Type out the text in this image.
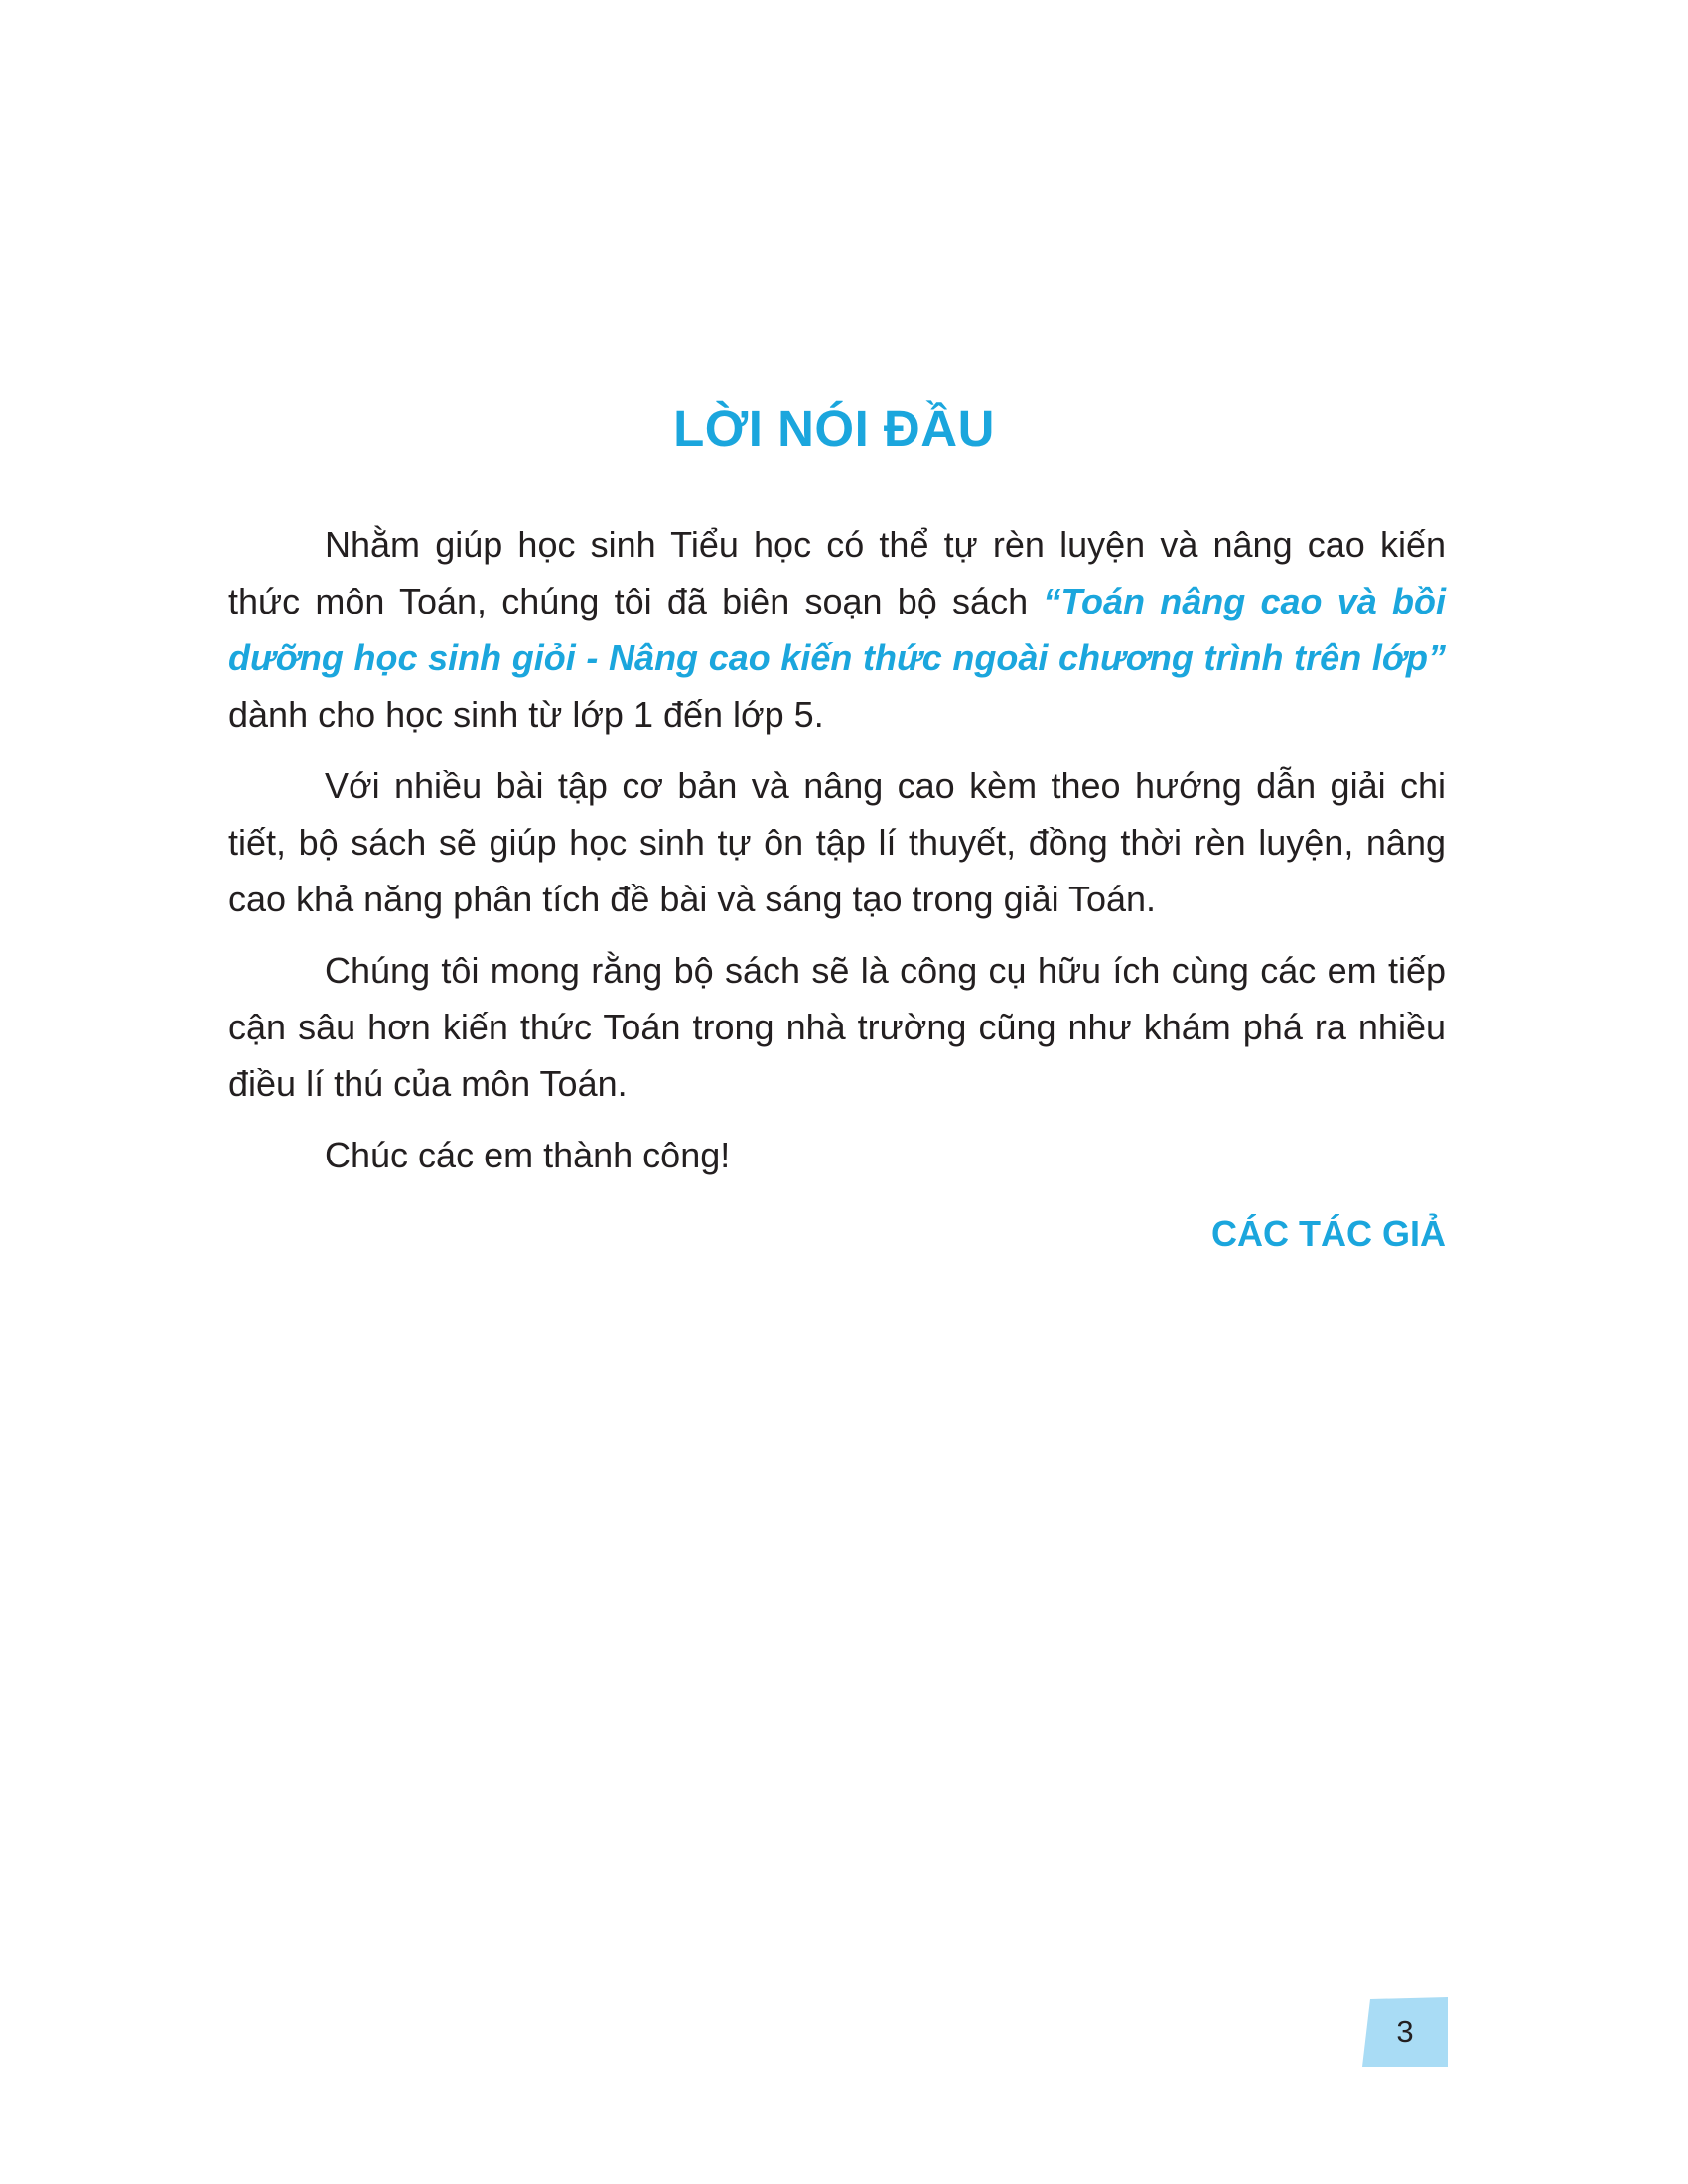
LỜI NÓI ĐẦU

Nhằm giúp học sinh Tiểu học có thể tự rèn luyện và nâng cao kiến thức môn Toán, chúng tôi đã biên soạn bộ sách “Toán nâng cao và bồi dưỡng học sinh giỏi - Nâng cao kiến thức ngoài chương trình trên lớp” dành cho học sinh từ lớp 1 đến lớp 5.

Với nhiều bài tập cơ bản và nâng cao kèm theo hướng dẫn giải chi tiết, bộ sách sẽ giúp học sinh tự ôn tập lí thuyết, đồng thời rèn luyện, nâng cao khả năng phân tích đề bài và sáng tạo trong giải Toán.

Chúng tôi mong rằng bộ sách sẽ là công cụ hữu ích cùng các em tiếp cận sâu hơn kiến thức Toán trong nhà trường cũng như khám phá ra nhiều điều lí thú của môn Toán.

Chúc các em thành công!

CÁC TÁC GIẢ
3
